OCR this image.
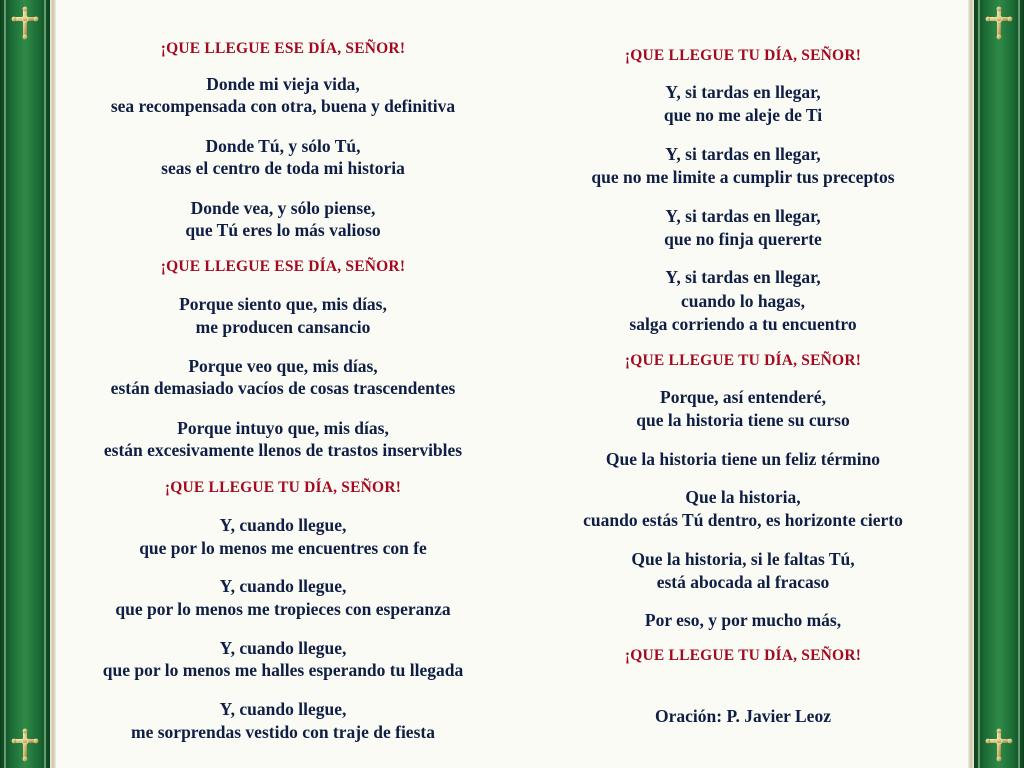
¡QUE LLEGUE ESE DÍA, SEÑOR!
Donde mi vieja vida,
sea recompensada con otra, buena y definitiva
Donde Tú, y sólo Tú,
seas el centro de toda mi historia
Donde vea, y sólo piense,
que Tú eres lo más valioso
¡QUE LLEGUE ESE DÍA, SEÑOR!
Porque siento que, mis días,
me producen cansancio
Porque veo que, mis días,
están demasiado vacíos de cosas trascendentes
Porque intuyo que, mis días,
están excesivamente llenos de trastos inservibles
¡QUE LLEGUE TU DÍA, SEÑOR!
Y, cuando llegue,
que por lo menos me encuentres con fe
Y, cuando llegue,
que por lo menos me tropieces con esperanza
Y, cuando llegue,
que por lo menos me halles esperando tu llegada
Y, cuando llegue,
me sorprendas vestido con traje de fiesta
¡QUE LLEGUE TU DÍA, SEÑOR!
Y, si tardas en llegar,
que no me aleje de Ti
Y, si tardas en llegar,
que no me limite a cumplir tus preceptos
Y, si tardas en llegar,
que no finja quererte
Y, si tardas en llegar,
cuando lo hagas,
salga corriendo a tu encuentro
¡QUE LLEGUE TU DÍA, SEÑOR!
Porque, así entenderé,
que la historia tiene su curso
Que la historia tiene un feliz término
Que la historia,
cuando estás Tú dentro, es horizonte cierto
Que la historia, si le faltas Tú,
está abocada al fracaso
Por eso, y por mucho más,
¡QUE LLEGUE TU DÍA, SEÑOR!
Oración: P. Javier Leoz
